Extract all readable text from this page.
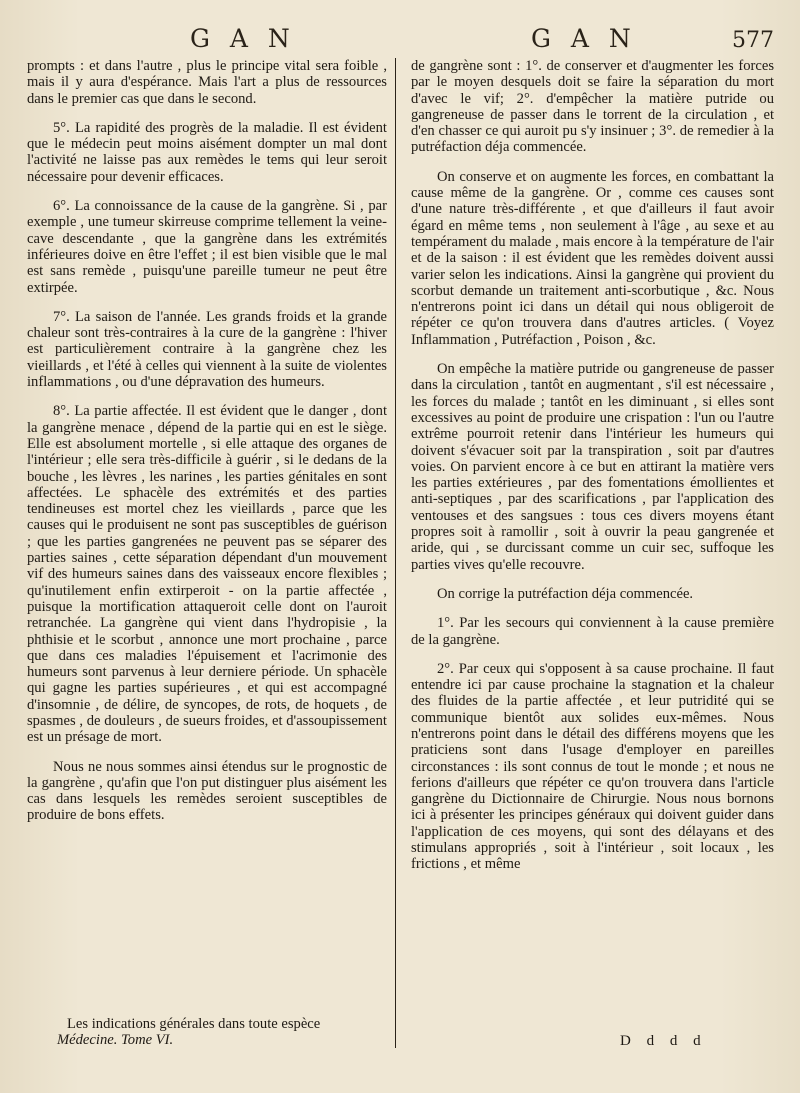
G A N	G A N	577

prompts : et dans l'autre , plus le principe vital sera foible , mais il y aura d'espérance. Mais l'art a plus de ressources dans le premier cas que dans le second.

5°. La rapidité des progrès de la maladie. Il est évident que le médecin peut moins aisément dompter un mal dont l'activité ne laisse pas aux remèdes le tems qui leur seroit nécessaire pour devenir efficaces.

6°. La connoissance de la cause de la gangrène. Si , par exemple , une tumeur skirreuse comprime tellement la veine-cave descendante , que la gangrène dans les extrémités inférieures doive en être l'effet ; il est bien visible que le mal est sans remède , puisqu'une pareille tumeur ne peut être extirpée.

7°. La saison de l'année. Les grands froids et la grande chaleur sont très-contraires à la cure de la gangrène : l'hiver est particulièrement contraire à la gangrène chez les vieillards , et l'été à celles qui viennent à la suite de violentes inflammations , ou d'une dépravation des humeurs.

8°. La partie affectée. Il est évident que le danger , dont la gangrène menace , dépend de la partie qui en est le siège. Elle est absolument mortelle , si elle attaque des organes de l'intérieur ; elle sera très-difficile à guérir , si le dedans de la bouche , les lèvres , les narines , les parties génitales en sont affectées. Le sphacèle des extrémités et des parties tendineuses est mortel chez les vieillards , parce que les causes qui le produisent ne sont pas susceptibles de guérison ; que les parties gangrenées ne peuvent pas se séparer des parties saines , cette séparation dépendant d'un mouvement vif des humeurs saines dans des vaisseaux encore flexibles ; qu'inutilement enfin extirperoit - on la partie affectée , puisque la mortification attaqueroit celle dont on l'auroit retranchée. La gangrène qui vient dans l'hydropisie , la phthisie et le scorbut , annonce une mort prochaine , parce que dans ces maladies l'épuisement et l'acrimonie des humeurs sont parvenus à leur derniere période. Un sphacèle qui gagne les parties supérieures , et qui est accompagné d'insomnie , de délire, de syncopes, de rots, de hoquets , de spasmes , de douleurs , de sueurs froides, et d'assoupissement est un présage de mort.

Nous ne nous sommes ainsi étendus sur le prognostic de la gangrène , qu'afin que l'on put distinguer plus aisément les cas dans lesquels les remèdes seroient susceptibles de produire de bons effets.

de gangrène sont : 1°. de conserver et d'augmenter les forces par le moyen desquels doit se faire la séparation du mort d'avec le vif; 2°. d'empêcher la matière putride ou gangreneuse de passer dans le torrent de la circulation , et d'en chasser ce qui auroit pu s'y insinuer ; 3°. de remedier à la putréfaction déja commencée.

On conserve et on augmente les forces, en combattant la cause même de la gangrène. Or , comme ces causes sont d'une nature très-différente , et que d'ailleurs il faut avoir égard en même tems , non seulement à l'âge , au sexe et au tempérament du malade , mais encore à la température de l'air et de la saison : il est évident que les remèdes doivent aussi varier selon les indications. Ainsi la gangrène qui provient du scorbut demande un traitement anti-scorbutique , &c. Nous n'entrerons point ici dans un détail qui nous obligeroit de répéter ce qu'on trouvera dans d'autres articles. ( Voyez Inflammation , Putréfaction , Poison , &c.

On empêche la matière putride ou gangreneuse de passer dans la circulation , tantôt en augmentant , s'il est nécessaire , les forces du malade ; tantôt en les diminuant , si elles sont excessives au point de produire une crispation : l'un ou l'autre extrême pourroit retenir dans l'intérieur les humeurs qui doivent s'évacuer soit par la transpiration , soit par d'autres voies. On parvient encore à ce but en attirant la matière vers les parties extérieures , par des fomentations émollientes et anti-septiques , par des scarifications , par l'application des ventouses et des sangsues : tous ces divers moyens étant propres soit à ramollir , soit à ouvrir la peau gangrenée et aride, qui , se durcissant comme un cuir sec, suffoque les parties vives qu'elle recouvre.

On corrige la putréfaction déja commencée.

1°. Par les secours qui conviennent à la cause première de la gangrène.

2°. Par ceux qui s'opposent à sa cause prochaine. Il faut entendre ici par cause prochaine la stagnation et la chaleur des fluides de la partie affectée , et leur putridité qui se communique bientôt aux solides eux-mêmes. Nous n'entrerons point dans le détail des différens moyens que les praticiens sont dans l'usage d'employer en pareilles circonstances : ils sont connus de tout le monde ; et nous ne ferions d'ailleurs que répéter ce qu'on trouvera dans l'article gangrène du Dictionnaire de Chirurgie. Nous nous bornons ici à présenter les principes généraux qui doivent guider dans l'application de ces moyens, qui sont des délayans et des stimulans appropriés , soit à l'intérieur , soit locaux , les frictions , et même

Les indications générales dans toute espèce
Médecine. Tome VI.	D d d d
